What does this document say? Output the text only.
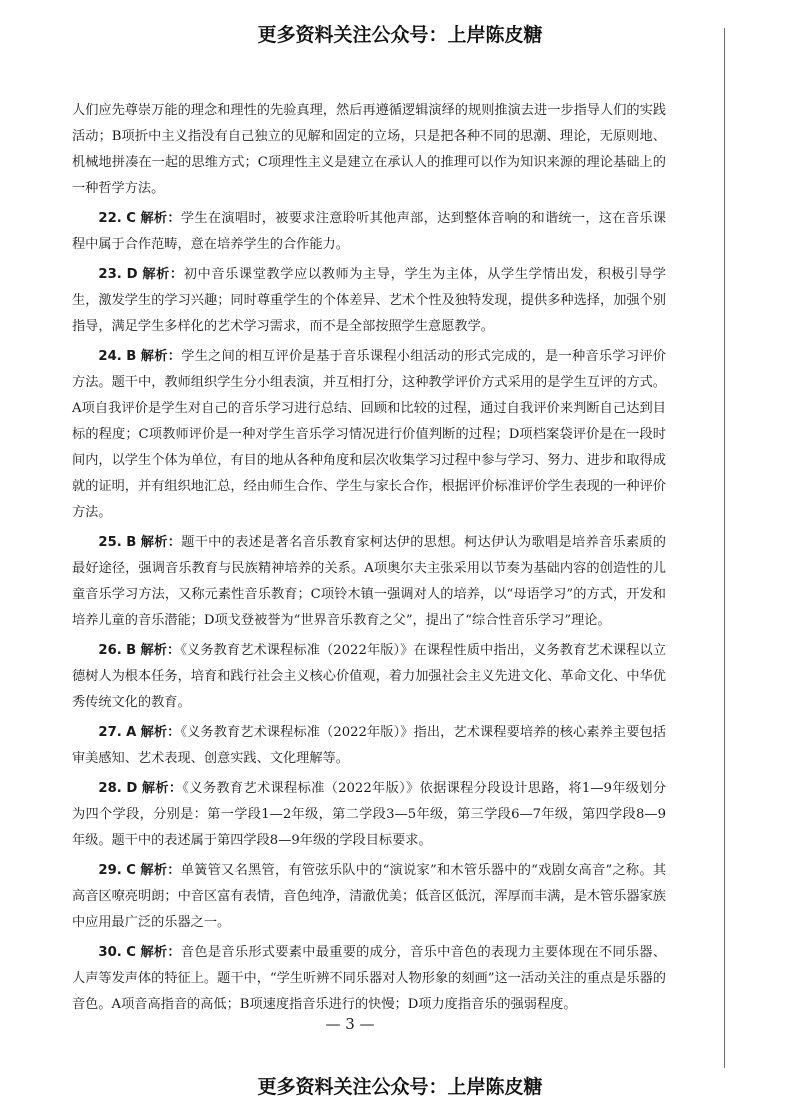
更多资料关注公众号：上岸陈皮糖

人们应先尊崇万能的理念和理性的先验真理，然后再遵循逻辑演绎的规则推演去进一步指导人们的实践活动；B项折中主义指没有自己独立的见解和固定的立场，只是把各种不同的思潮、理论，无原则地、机械地拼凑在一起的思维方式；C项理性主义是建立在承认人的推理可以作为知识来源的理论基础上的一种哲学方法。

22. C 解析：学生在演唱时，被要求注意聆听其他声部，达到整体音响的和谐统一，这在音乐课程中属于合作范畴，意在培养学生的合作能力。

23. D 解析：初中音乐课堂教学应以教师为主导，学生为主体，从学生学情出发，积极引导学生，激发学生的学习兴趣；同时尊重学生的个体差异、艺术个性及独特发现，提供多种选择，加强个别指导，满足学生多样化的艺术学习需求，而不是全部按照学生意愿教学。

24. B 解析：学生之间的相互评价是基于音乐课程小组活动的形式完成的，是一种音乐学习评价方法。题干中，教师组织学生分小组表演，并互相打分，这种教学评价方式采用的是学生互评的方式。A项自我评价是学生对自己的音乐学习进行总结、回顾和比较的过程，通过自我评价来判断自己达到目标的程度；C项教师评价是一种对学生音乐学习情况进行价值判断的过程；D项档案袋评价是在一段时间内，以学生个体为单位，有目的地从各种角度和层次收集学习过程中参与学习、努力、进步和取得成就的证明，并有组织地汇总，经由师生合作、学生与家长合作，根据评价标准评价学生表现的一种评价方法。

25. B 解析：题干中的表述是著名音乐教育家柯达伊的思想。柯达伊认为歌唱是培养音乐素质的最好途径，强调音乐教育与民族精神培养的关系。A项奥尔夫主张采用以节奏为基础内容的创造性的儿童音乐学习方法，又称元素性音乐教育；C项铃木镇一强调对人的培养，以“母语学习”的方式，开发和培养儿童的音乐潜能；D项戈登被誉为“世界音乐教育之父”，提出了“综合性音乐学习”理论。

26. B 解析：《义务教育艺术课程标准（2022年版）》在课程性质中指出，义务教育艺术课程以立德树人为根本任务，培育和践行社会主义核心价值观，着力加强社会主义先进文化、革命文化、中华优秀传统文化的教育。

27. A 解析：《义务教育艺术课程标准（2022年版）》指出，艺术课程要培养的核心素养主要包括审美感知、艺术表现、创意实践、文化理解等。

28. D 解析：《义务教育艺术课程标准（2022年版）》依据课程分段设计思路，将1—9年级划分为四个学段，分别是：第一学段1—2年级，第二学段3—5年级，第三学段6—7年级，第四学段8—9年级。题干中的表述属于第四学段8—9年级的学段目标要求。

29. C 解析：单簧管又名黑管，有管弦乐队中的“演说家”和木管乐器中的“戏剧女高音”之称。其高音区嘹亮明朗；中音区富有表情，音色纯净，清澈优美；低音区低沉，浑厚而丰满，是木管乐器家族中应用最广泛的乐器之一。

30. C 解析：音色是音乐形式要素中最重要的成分，音乐中音色的表现力主要体现在不同乐器、人声等发声体的特征上。题干中，“学生听辨不同乐器对人物形象的刻画”这一活动关注的重点是乐器的音色。A项音高指音的高低；B项速度指音乐进行的快慢；D项力度指音乐的强弱程度。

— 3 —
更多资料关注公众号：上岸陈皮糖
